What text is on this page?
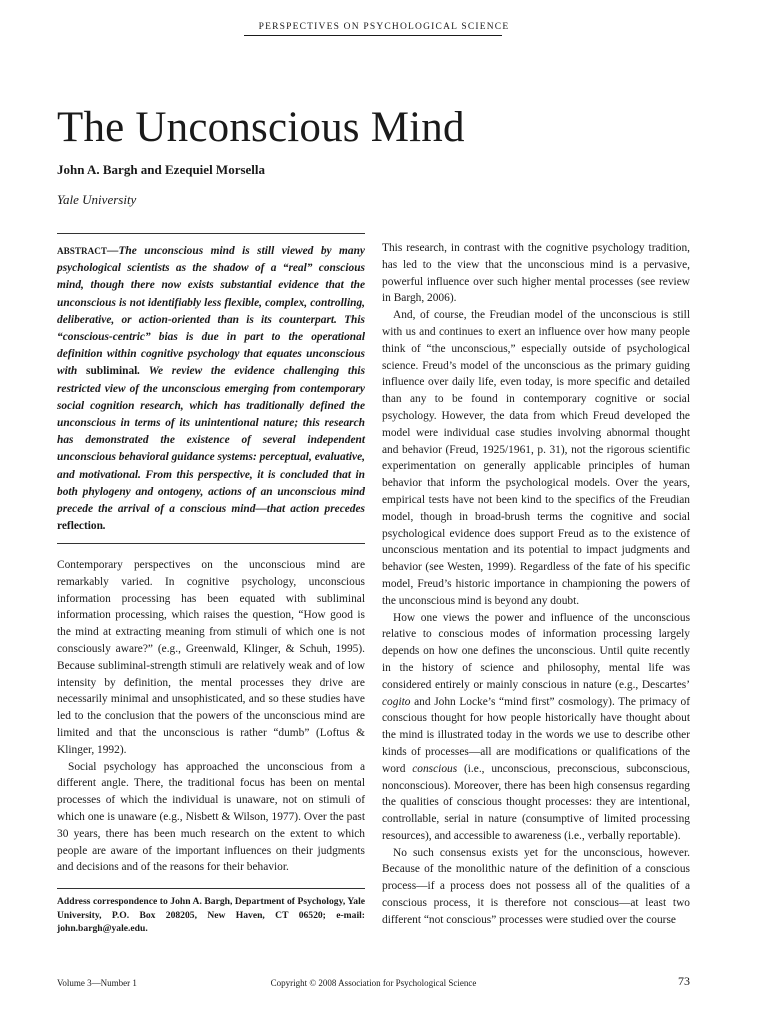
PERSPECTIVES ON PSYCHOLOGICAL SCIENCE
The Unconscious Mind
John A. Bargh and Ezequiel Morsella
Yale University

ABSTRACT—The unconscious mind is still viewed by many psychological scientists as the shadow of a “real” conscious mind, though there now exists substantial evidence that the unconscious is not identifiably less flexible, complex, controlling, deliberative, or action-oriented than is its counterpart. This “conscious-centric” bias is due in part to the operational definition within cognitive psychology that equates unconscious with subliminal. We review the evidence challenging this restricted view of the unconscious emerging from contemporary social cognition research, which has traditionally defined the unconscious in terms of its unintentional nature; this research has demonstrated the existence of several independent unconscious behavioral guidance systems: perceptual, evaluative, and motivational. From this perspective, it is concluded that in both phylogeny and ontogeny, actions of an unconscious mind precede the arrival of a conscious mind—that action precedes reflection.

Contemporary perspectives on the unconscious mind are remarkably varied. In cognitive psychology, unconscious information processing has been equated with subliminal information processing, which raises the question, “How good is the mind at extracting meaning from stimuli of which one is not consciously aware?” (e.g., Greenwald, Klinger, & Schuh, 1995). Because subliminal-strength stimuli are relatively weak and of low intensity by definition, the mental processes they drive are necessarily minimal and unsophisticated, and so these studies have led to the conclusion that the powers of the unconscious mind are limited and that the unconscious is rather “dumb” (Loftus & Klinger, 1992).

Social psychology has approached the unconscious from a different angle. There, the traditional focus has been on mental processes of which the individual is unaware, not on stimuli of which one is unaware (e.g., Nisbett & Wilson, 1977). Over the past 30 years, there has been much research on the extent to which people are aware of the important influences on their judgments and decisions and of the reasons for their behavior.

Address correspondence to John A. Bargh, Department of Psychology, Yale University, P.O. Box 208205, New Haven, CT 06520; e-mail: john.bargh@yale.edu.

This research, in contrast with the cognitive psychology tradition, has led to the view that the unconscious mind is a pervasive, powerful influence over such higher mental processes (see review in Bargh, 2006).

And, of course, the Freudian model of the unconscious is still with us and continues to exert an influence over how many people think of “the unconscious,” especially outside of psychological science. Freud’s model of the unconscious as the primary guiding influence over daily life, even today, is more specific and detailed than any to be found in contemporary cognitive or social psychology. However, the data from which Freud developed the model were individual case studies involving abnormal thought and behavior (Freud, 1925/1961, p. 31), not the rigorous scientific experimentation on generally applicable principles of human behavior that inform the psychological models. Over the years, empirical tests have not been kind to the specifics of the Freudian model, though in broad-brush terms the cognitive and social psychological evidence does support Freud as to the existence of unconscious mentation and its potential to impact judgments and behavior (see Westen, 1999). Regardless of the fate of his specific model, Freud’s historic importance in championing the powers of the unconscious mind is beyond any doubt.

How one views the power and influence of the unconscious relative to conscious modes of information processing largely depends on how one defines the unconscious. Until quite recently in the history of science and philosophy, mental life was considered entirely or mainly conscious in nature (e.g., Descartes’ cogito and John Locke’s “mind first” cosmology). The primacy of conscious thought for how people historically have thought about the mind is illustrated today in the words we use to describe other kinds of processes—all are modifications or qualifications of the word conscious (i.e., unconscious, preconscious, subconscious, nonconscious). Moreover, there has been high consensus regarding the qualities of conscious thought processes: they are intentional, controllable, serial in nature (consumptive of limited processing resources), and accessible to awareness (i.e., verbally reportable).

No such consensus exists yet for the unconscious, however. Because of the monolithic nature of the definition of a conscious process—if a process does not possess all of the qualities of a conscious process, it is therefore not conscious—at least two different “not conscious” processes were studied over the course

Volume 3—Number 1	Copyright © 2008 Association for Psychological Science	73
